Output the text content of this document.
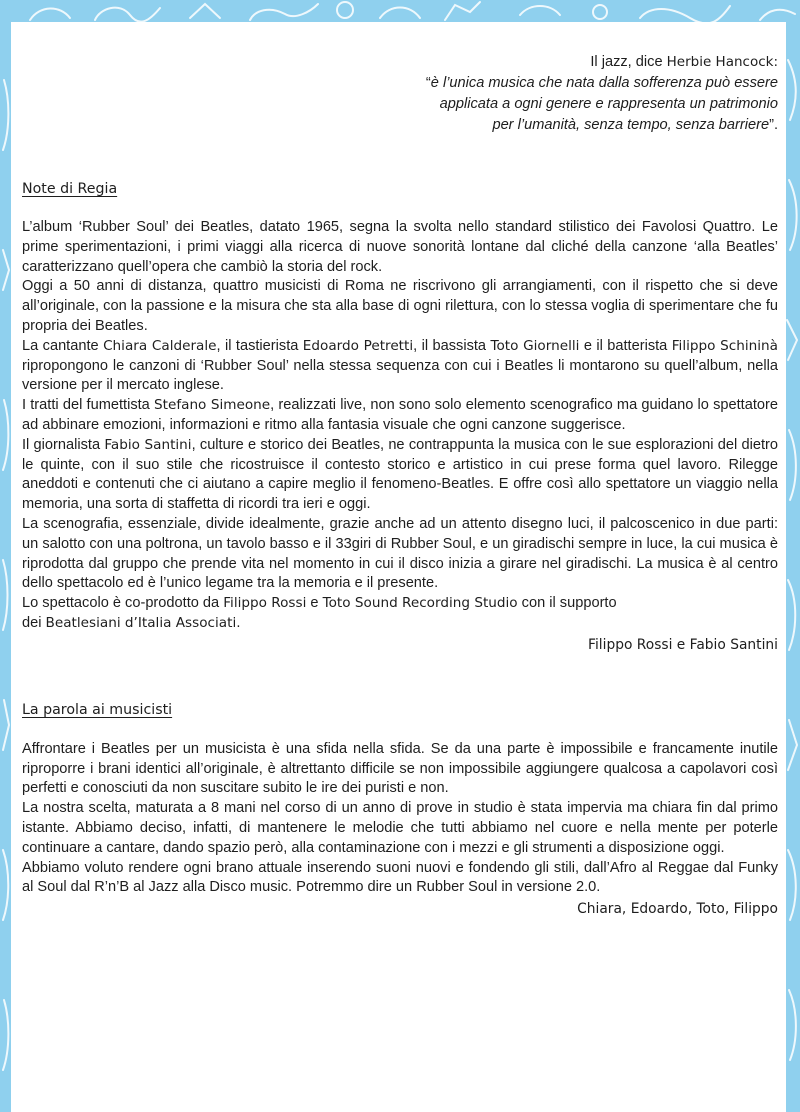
Il jazz, dice Herbie Hancock:
“è l’unica musica che nata dalla sofferenza può essere
applicata a ogni genere e rappresenta un patrimonio
per l’umanità, senza tempo, senza barriere”.
Note di Regia

L’album ‘Rubber Soul’ dei Beatles, datato 1965, segna la svolta nello standard stilistico dei Favolosi Quattro. Le prime sperimentazioni, i primi viaggi alla ricerca di nuove sonorità lontane dal cliché della canzone ‘alla Beatles’ caratterizzano quell’opera che cambiò la storia del rock.

Oggi a 50 anni di distanza, quattro musicisti di Roma ne riscrivono gli arrangiamenti, con il rispetto che si deve all’originale, con la passione e la misura che sta alla base di ogni rilettura, con lo stessa voglia di sperimentare che fu propria dei Beatles.

La cantante Chiara Calderale, il tastierista Edoardo Petretti, il bassista Toto Giornelli e il batterista Filippo Schininà ripropongono le canzoni di ‘Rubber Soul’ nella stessa sequenza con cui i Beatles li montarono su quell’album, nella versione per il mercato inglese.

I tratti del fumettista Stefano Simeone, realizzati live, non sono solo elemento scenografico ma guidano lo spettatore ad abbinare emozioni, informazioni e ritmo alla fantasia visuale che ogni canzone suggerisce.

Il giornalista Fabio Santini, culture e storico dei Beatles, ne contrappunta la musica con le sue esplorazioni del dietro le quinte, con il suo stile che ricostruisce il contesto storico e artistico in cui prese forma quel lavoro. Rilegge aneddoti e contenuti che ci aiutano a capire meglio il fenomeno-Beatles. E offre così allo spettatore un viaggio nella memoria, una sorta di staffetta di ricordi tra ieri e oggi.

La scenografia, essenziale, divide idealmente, grazie anche ad un attento disegno luci, il palcoscenico in due parti: un salotto con una poltrona, un tavolo basso e il 33giri di Rubber Soul, e un giradischi sempre in luce, la cui musica è riprodotta dal gruppo che prende vita nel momento in cui il disco inizia a girare nel giradischi. La musica è al centro dello spettacolo ed è l’unico legame tra la memoria e il presente.

Lo spettacolo è co-prodotto da Filippo Rossi e Toto Sound Recording Studio con il supporto
dei Beatlesiani d’Italia Associati.

Filippo Rossi e Fabio Santini
La parola ai musicisti

Affrontare i Beatles per un musicista è una sfida nella sfida. Se da una parte è impossibile e francamente inutile riproporre i brani identici all’originale, è altrettanto difficile se non impossibile aggiungere qualcosa a capolavori così perfetti e conosciuti da non suscitare subito le ire dei puristi e non.

La nostra scelta, maturata a 8 mani nel corso di un anno di prove in studio è stata impervia ma chiara fin dal primo istante. Abbiamo deciso, infatti, di mantenere le melodie che tutti abbiamo nel cuore e nella mente per poterle continuare a cantare, dando spazio però, alla contaminazione con i mezzi e gli strumenti a disposizione oggi.

Abbiamo voluto rendere ogni brano attuale inserendo suoni nuovi e fondendo gli stili, dall’Afro al Reggae dal Funky al Soul dal R’n’B al Jazz alla Disco music. Potremmo dire un Rubber Soul in versione 2.0.

Chiara, Edoardo, Toto, Filippo
